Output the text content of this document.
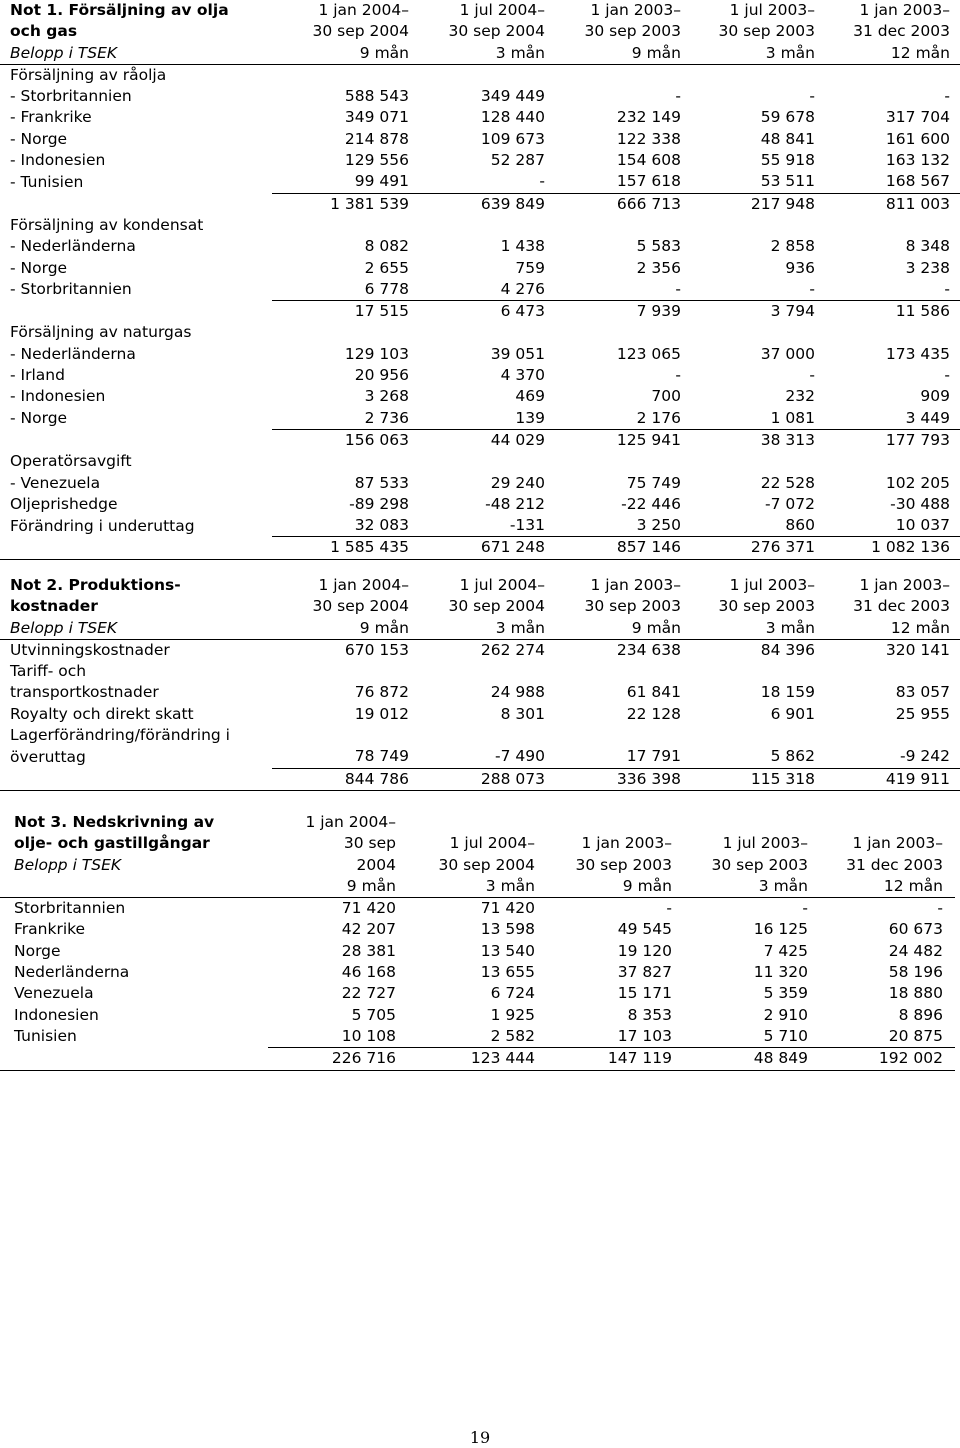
Not 1. Försäljning av olja	1 jan 2004–	1 jul 2004–	1 jan 2003–	1 jul 2003–	1 jan 2003–
och gas	30 sep 2004	30 sep 2004	30 sep 2003	30 sep 2003	31 dec 2003
Belopp i TSEK	9 mån	3 mån	9 mån	3 mån	12 mån
Försäljning av råolja					
- Storbritannien	588 543	349 449	-	-	-
- Frankrike	349 071	128 440	232 149	59 678	317 704
- Norge	214 878	109 673	122 338	48 841	161 600
- Indonesien	129 556	52 287	154 608	55 918	163 132
- Tunisien	99 491	-	157 618	53 511	168 567
	1 381 539	639 849	666 713	217 948	811 003
Försäljning av kondensat					
- Nederländerna	8 082	1 438	5 583	2 858	8 348
- Norge	2 655	759	2 356	936	3 238
- Storbritannien	6 778	4 276	-	-	-
	17 515	6 473	7 939	3 794	11 586
Försäljning av naturgas					
- Nederländerna	129 103	39 051	123 065	37 000	173 435
- Irland	20 956	4 370	-	-	-
- Indonesien	3 268	469	700	232	909
- Norge	2 736	139	2 176	1 081	3 449
	156 063	44 029	125 941	38 313	177 793
Operatörsavgift					
- Venezuela	87 533	29 240	75 749	22 528	102 205
Oljeprishedge	-89 298	-48 212	-22 446	-7 072	-30 488
Förändring i underuttag	32 083	-131	3 250	860	10 037
	1 585 435	671 248	857 146	276 371	1 082 136
Not 2. Produktions-	1 jan 2004–	1 jul 2004–	1 jan 2003–	1 jul 2003–	1 jan 2003–
kostnader	30 sep 2004	30 sep 2004	30 sep 2003	30 sep 2003	31 dec 2003
Belopp i TSEK	9 mån	3 mån	9 mån	3 mån	12 mån
Utvinningskostnader	670 153	262 274	234 638	84 396	320 141
Tariff- och					
transportkostnader	76 872	24 988	61 841	18 159	83 057
Royalty och direkt skatt	19 012	8 301	22 128	6 901	25 955
Lagerförändring/förändring i					
överuttag	78 749	-7 490	17 791	5 862	-9 242
	844 786	288 073	336 398	115 318	419 911
Not 3. Nedskrivning av	1 jan 2004–				
olje- och gastillgångar	30 sep	1 jul 2004–	1 jan 2003–	1 jul 2003–	1 jan 2003–
Belopp i TSEK	2004	30 sep 2004	30 sep 2003	30 sep 2003	31 dec 2003
	9 mån	3 mån	9 mån	3 mån	12 mån
Storbritannien	71 420	71 420	-	-	-
Frankrike	42 207	13 598	49 545	16 125	60 673
Norge	28 381	13 540	19 120	7 425	24 482
Nederländerna	46 168	13 655	37 827	11 320	58 196
Venezuela	22 727	6 724	15 171	5 359	18 880
Indonesien	5 705	1 925	8 353	2 910	8 896
Tunisien	10 108	2 582	17 103	5 710	20 875
	226 716	123 444	147 119	48 849	192 002
19
